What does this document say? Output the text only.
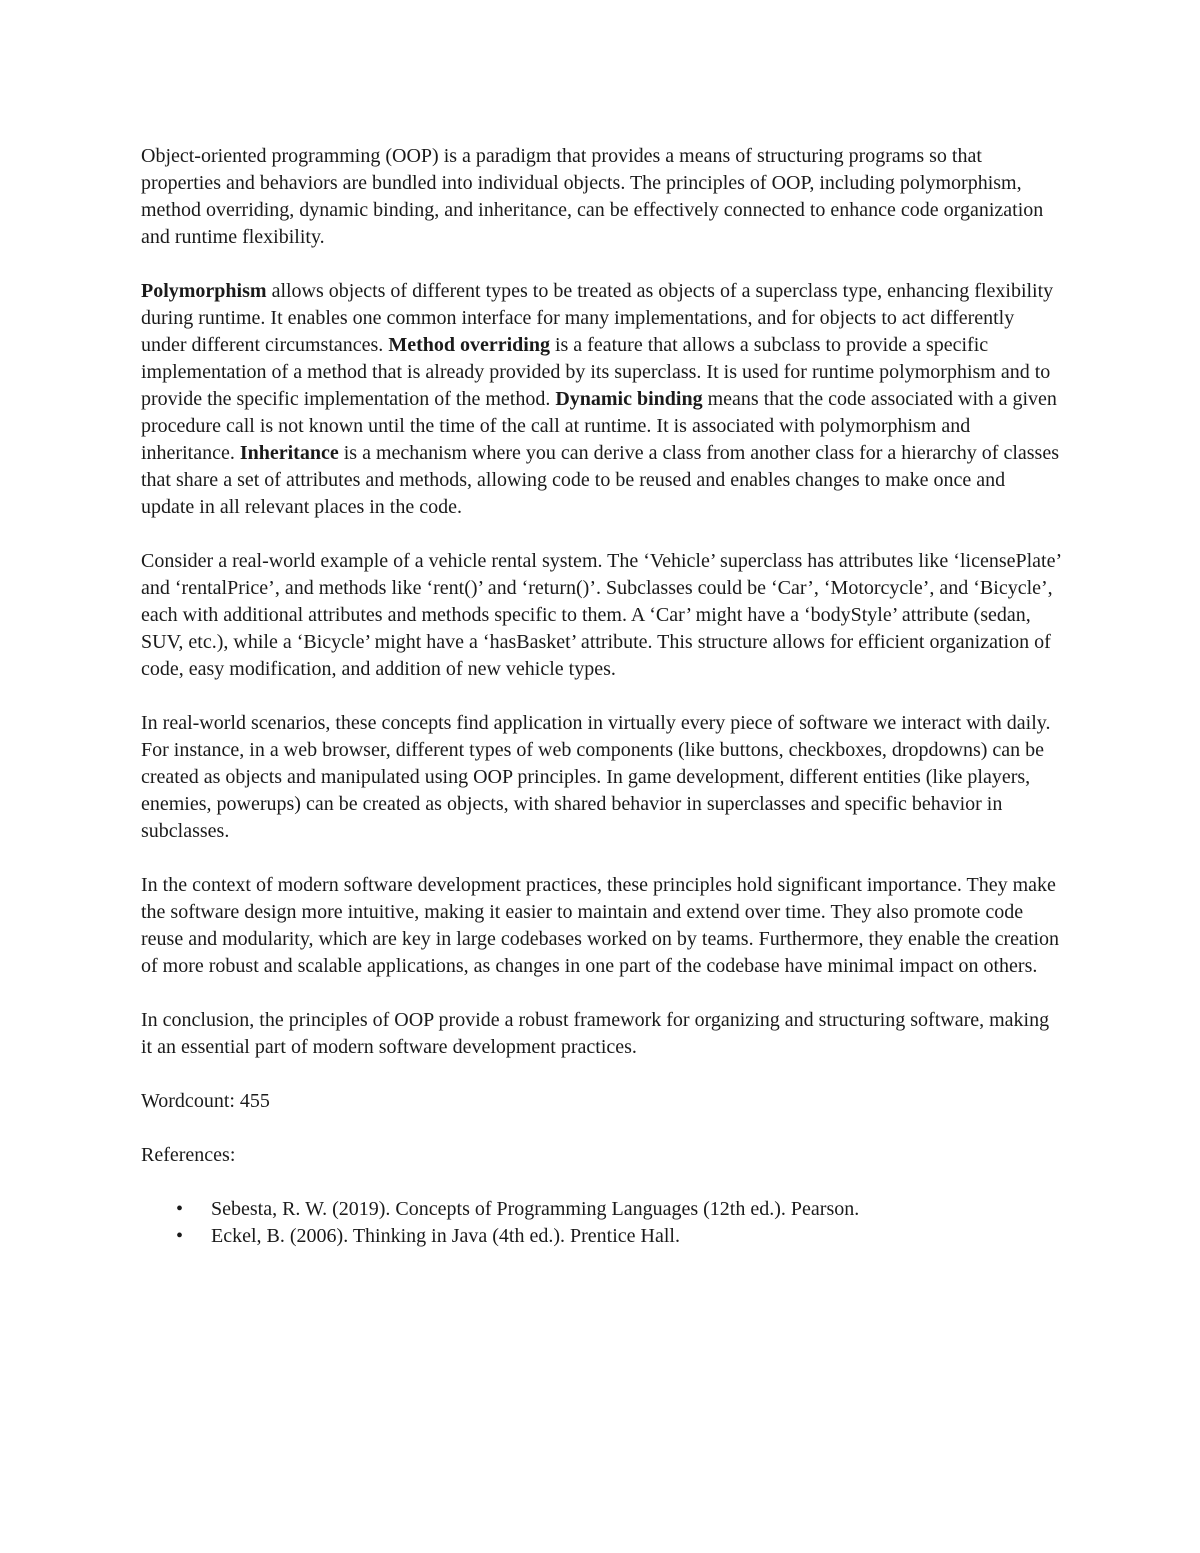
Object-oriented programming (OOP) is a paradigm that provides a means of structuring programs so that properties and behaviors are bundled into individual objects. The principles of OOP, including polymorphism, method overriding, dynamic binding, and inheritance, can be effectively connected to enhance code organization and runtime flexibility.

Polymorphism allows objects of different types to be treated as objects of a superclass type, enhancing flexibility during runtime. It enables one common interface for many implementations, and for objects to act differently under different circumstances. Method overriding is a feature that allows a subclass to provide a specific implementation of a method that is already provided by its superclass. It is used for runtime polymorphism and to provide the specific implementation of the method. Dynamic binding means that the code associated with a given procedure call is not known until the time of the call at runtime. It is associated with polymorphism and inheritance. Inheritance is a mechanism where you can derive a class from another class for a hierarchy of classes that share a set of attributes and methods, allowing code to be reused and enables changes to make once and update in all relevant places in the code.

Consider a real-world example of a vehicle rental system. The ‘Vehicle’ superclass has attributes like ‘licensePlate’ and ‘rentalPrice’, and methods like ‘rent()’ and ‘return()’. Subclasses could be ‘Car’, ‘Motorcycle’, and ‘Bicycle’, each with additional attributes and methods specific to them. A ‘Car’ might have a ‘bodyStyle’ attribute (sedan, SUV, etc.), while a ‘Bicycle’ might have a ‘hasBasket’ attribute. This structure allows for efficient organization of code, easy modification, and addition of new vehicle types.

In real-world scenarios, these concepts find application in virtually every piece of software we interact with daily. For instance, in a web browser, different types of web components (like buttons, checkboxes, dropdowns) can be created as objects and manipulated using OOP principles. In game development, different entities (like players, enemies, powerups) can be created as objects, with shared behavior in superclasses and specific behavior in subclasses.

In the context of modern software development practices, these principles hold significant importance. They make the software design more intuitive, making it easier to maintain and extend over time. They also promote code reuse and modularity, which are key in large codebases worked on by teams. Furthermore, they enable the creation of more robust and scalable applications, as changes in one part of the codebase have minimal impact on others.

In conclusion, the principles of OOP provide a robust framework for organizing and structuring software, making it an essential part of modern software development practices.

Wordcount: 455

References:

• Sebesta, R. W. (2019). Concepts of Programming Languages (12th ed.). Pearson.
• Eckel, B. (2006). Thinking in Java (4th ed.). Prentice Hall.
